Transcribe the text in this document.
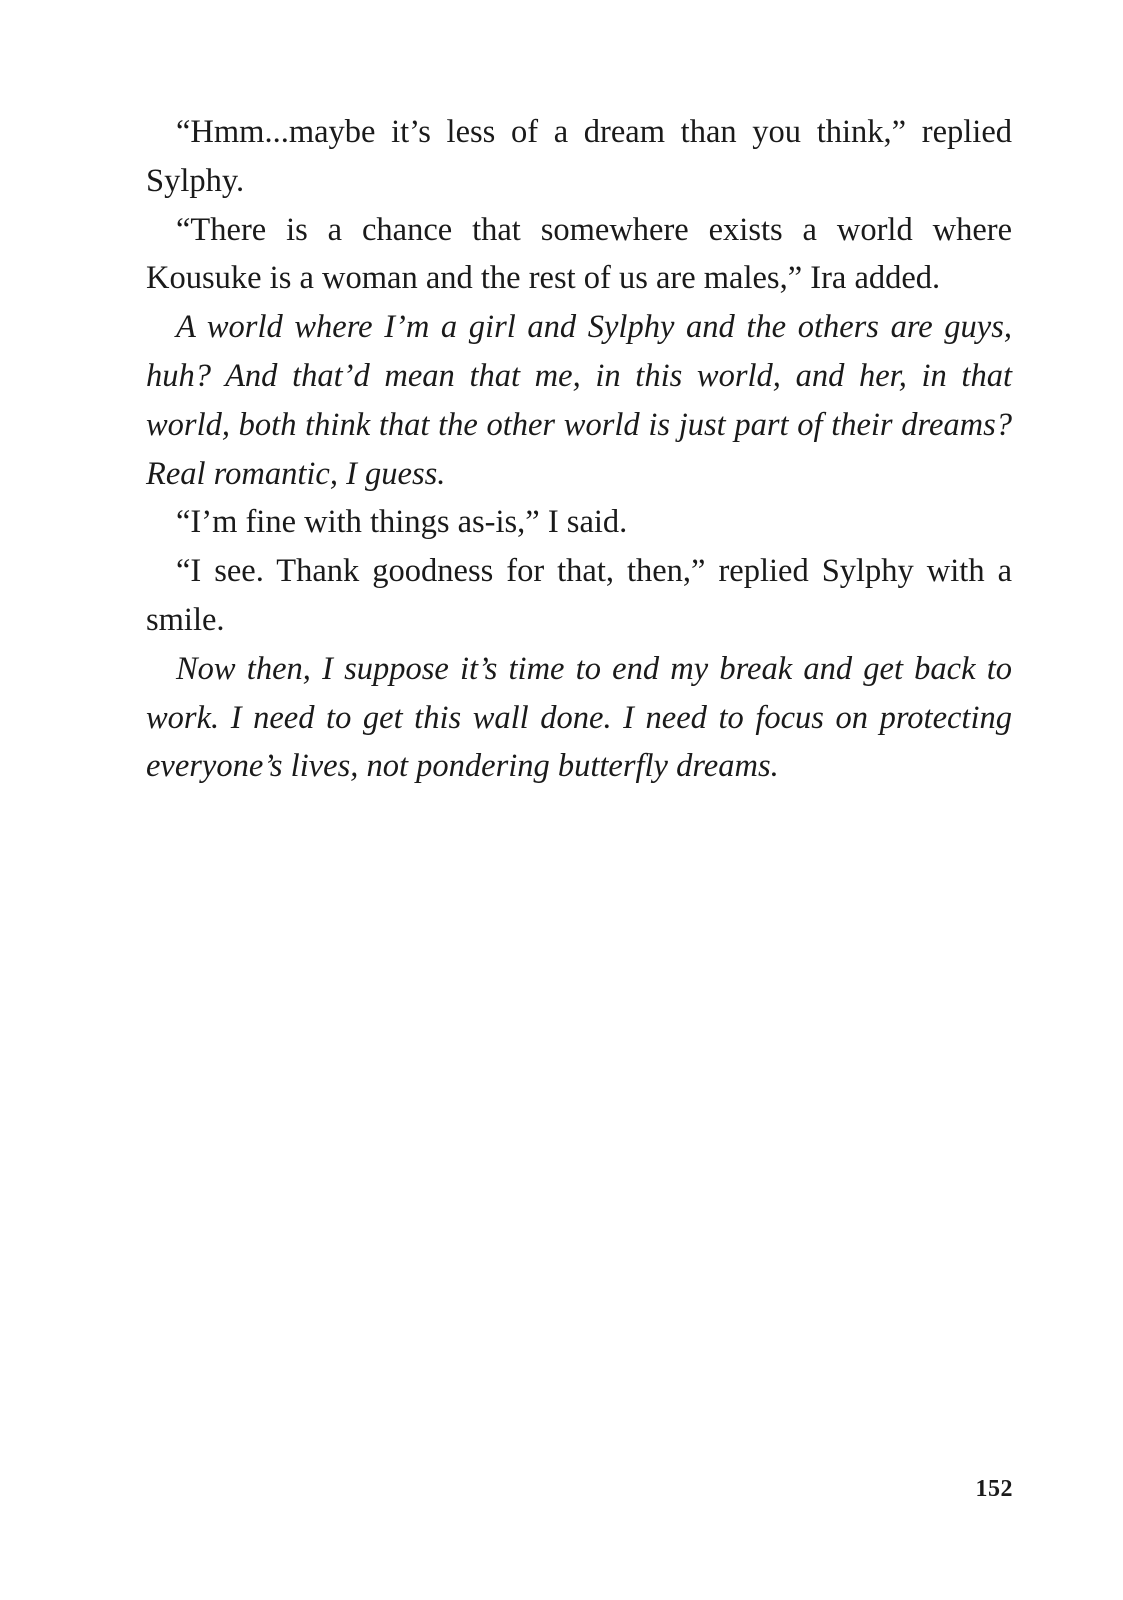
“Hmm...maybe it’s less of a dream than you think,” replied Sylphy.

“There is a chance that somewhere exists a world where Kousuke is a woman and the rest of us are males,” Ira added.

A world where I’m a girl and Sylphy and the others are guys, huh? And that’d mean that me, in this world, and her, in that world, both think that the other world is just part of their dreams? Real romantic, I guess.

“I’m fine with things as-is,” I said.

“I see. Thank goodness for that, then,” replied Sylphy with a smile.

Now then, I suppose it’s time to end my break and get back to work. I need to get this wall done. I need to focus on protecting everyone’s lives, not pondering butterfly dreams.

152
